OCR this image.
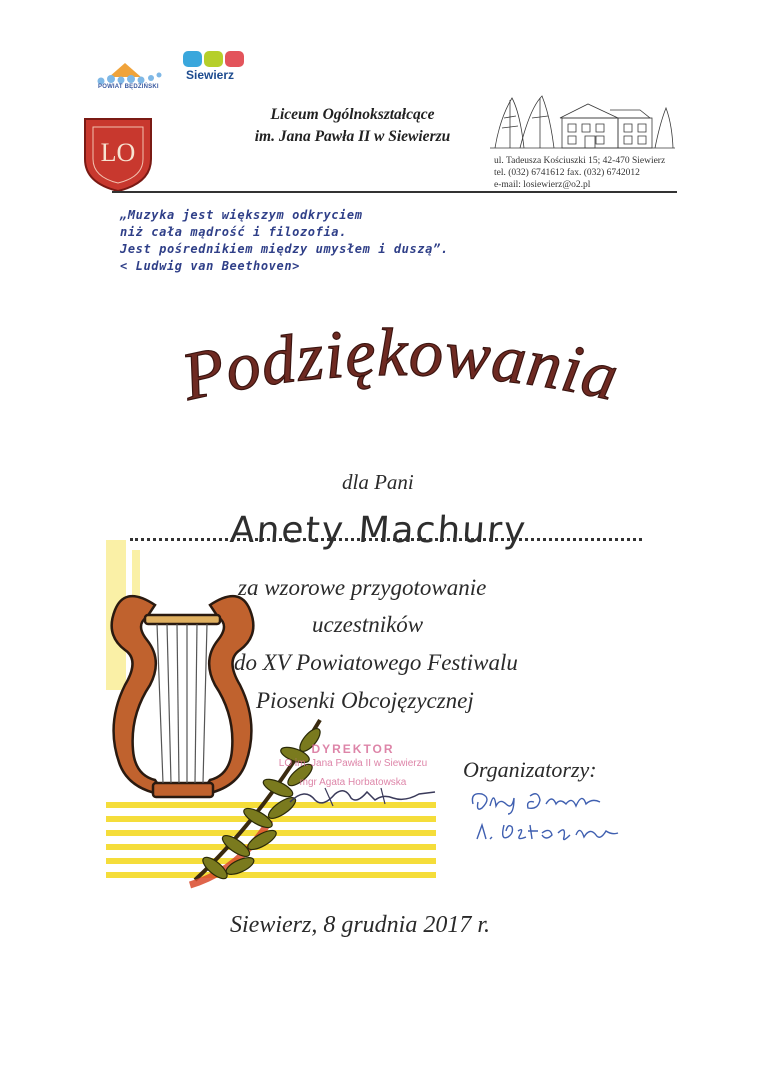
POWIAT BĘDZIŃSKI
Siewierz
LO
Liceum Ogólnokształcące
im. Jana Pawła II w Siewierzu
ul. Tadeusza Kościuszki 15; 42-470 Siewierz
tel. (032) 6741612 fax. (032) 6742012
e-mail: losiewierz@o2.pl
„Muzyka jest większym odkryciem
niż cała mądrość i filozofia.
Jest pośrednikiem między umysłem i duszą”.
< Ludwig van Beethoven>
Podziękowania
dla Pani
Anety Machury
za wzorowe przygotowanie
uczestników
do XV Powiatowego Festiwalu
Piosenki Obcojęzycznej
DYREKTOR
LO im. Jana Pawła II w Siewierzu
mgr Agata Horbatowska
Organizatorzy:
Siewierz, 8 grudnia 2017 r.
